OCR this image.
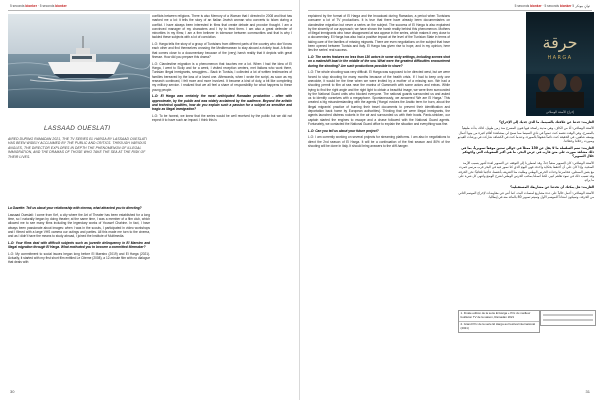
5 seconds bionker · 5 seconds bionker
LASSAAD OUESLATI
AIRED DURING RAMADAN 2021, THE TV SERIES EL HARGA BY LASSAAD OUESLATI HAS BEEN WIDELY ACCLAIMED BY THE PUBLIC AND CRITICS. THROUGH VARIOUS ANGLES, THE DIRECTOR EXPLORES IN DEPTH THE PHENOMENON OF ILLEGAL IMMIGRATION, AND THE DRAMAS OF THOSE WHO TAKE THE SEA AT THE RISK OF THEIR LIVES.

La Gazette: Tell us about your relationship with cinema, what attracted you to directing?

Lassaad Oueslati: I come from Kef, a city where the Art of Theater has been established for a long time, so I naturally began by doing theater; at the same time, I was a member of a film club, which allowed me to see many films including the legendary works of Youssef Chahine. In fact, I have always been passionate about images: when I was in the scouts, I participated in video workshops and I filmed with a large VHS camera our outings and parties. All this made me turn to the cinema, and as I didn't have the means to study abroad, I joined the Institute of Multimedia.

L.O: Your films deal with difficult subjects such as juvenile delinquency in El Maestro and illegal migration through El Harga. What motivated you to become a committed filmmaker?

L.O: My commitment to social issues began long before El Maestro (2019) and El Harga (2021). Actually, it started with my first short film entitled Le Citerne (2008), a 12-minute film with no dialogue that deals with

conflicts between religions. There is also Memory of a Woman that I directed in 2008 and that has marked me a lot: it tells the story of an Italian Jewish woman who converts to Islam during a conflict. I have always been interested in films that create debate and provoke thought. I am a convinced manager of my characters and I try to feed them. I am also a great defender of minorities in my films; I am a firm believer in tolerance between communities and that is why I tackled these subjects with a lot of conviction.

L.O: Harga tells the story of a group of Tunisians from different parts of the country who don't know each other and find themselves crossing the Mediterranean to stay aboard a rickety boat. A fiction that comes close to a documentary because of the (very) harsh reality that it depicts with great finesse. How did you prepare this drama?

L.O: Clandestine migration is a phenomenon that touches me a lot. When I had the idea of El Harga, I went to Sicily and for a week, I visited reception centers, met Italians who work there, Tunisian illegal immigrants, smugglers... Back in Tunisia, I collected a lot of written testimonies of families bereaved by the loss of a loved one. Afterwards, when I wrote the script, as soon as my research continued, I felt more and more involved. It became a kind of duty, a bit like completing my military service. I realized that we all feel a share of responsibility for what happens to these young people.

L.O: El Harga was certainly the most anticipated Ramadan production - often with approximate, by the public and was widely acclaimed by the audience. Beyond the artistic and technical qualities, how do you explain such a passion for a subject as sensitive and tragic as illegal immigration?

L.O: To be honest, we knew that the series would be well received by the public but we did not expect it to have such an impact. I think this is

30
5 seconds bionker · 5 seconds bionker 5 ثوانٍ بيونكر

explained by the format of El Harga and the broadcast during Ramadan, a period when Tunisians consume a lot of TV productions. It is true that there have already been documentaries on clandestine migration but never a series on the subject. The success of El Harga is also explained by the sincerity of our approach; we have shown the harsh reality behind this phenomenon. Mothers of illegal immigrants who have disappeared at sea appear in the series, which makes it very close to a documentary. El Harga has also had a positive impact at the level of the Tunisian State in terms of taking care of the families of missing migrants. There are even negotiations on the subject that have been opened between Tunisia and Italy. El Harga has given rise to hope, and in my opinion, here lies the series' real success.

L.O: The series features no less than 130 actors in some sixty settings, including scenes shot on a makeshift boat in the middle of the sea. What were the greatest difficulties encountered during the shooting? Are such productions possible to share?

L.O: The whole shooting was very difficult. El Harga was supposed to be directed west, but we were forced to stop shooting for many months because of the health crisis. If I had to keep only one anecdote, it would be the time when we were invited by a mother of a missing son. We had a shooting permit to film at sea near the marina of Gammarth with some actors and extras. While trying to find the right angle and the right light to obtain a beautiful image, we were then surrounded by the National Guard units who blocked everyone. The national guards surrounded us and asked us to identify ourselves with a megaphone. Spontaneously, we answered 'We are El Harga.' This created a big misunderstanding with the agents ('Harga' evokes the Arabic term for burn, about the illegal migrants' practice of burning their travel documents to prevent their identification and deportation back home by European authorities). Thinking that we were illegal immigrants, the agents launched distress rockets in the air and surrounded us with their boats. Panic-stricken, our captain started the engines to escape and a chase followed with the National Guard agents. Fortunately, we contacted the National Guard office to explain the situation and everything was fine.

L.O: Can you tell us about your future project?

L.O: I am currently working on several projects for streaming platforms. I am also in negotiations to direct the 2nd season of El Harga. It will be a continuation of the first season and 80% of the shooting will be done in Italy. It should bring answers to the cliff-hanger.

حرقة
HARGA
إخراج الأسعد الوسلاتي

الغازيت: حدثنا عن علاقتك بالسينما، ما الذي جذبك إلى الإخراج؟

الأسعد الوسلاتي: أنا من الكاف، وهي مدينة راسخة فيها فنون المسرح منذ زمن طويل، لذلك بدأت طبيعياً بالمسرح، وفي الوقت نفسه كنت عضواً في نادي السينما مما سمح لي بمشاهدة أفلام كثيرة من بينها أعمال يوسف شاهين. في الحقيقة كنت دائماً شغوفاً بالصورة، وعندما كنت في الكشافة شاركت في ورشات الفيديو وصورت رحلاتنا وحفلاتنا.

الغازيت: تضم السلسلة ما لا يقل عن 130 ممثلاً في حوالي ستين موقعاً تصويرياً، بما في ذلك مشاهد صورت على متن قارب في عرض البحر. ما هي أكبر الصعوبات التي واجهتكم خلال التصوير؟

الأسعد الوسلاتي: كان التصوير صعباً جداً، وقد اضطررنا إلى التوقف عن التصوير لعدة أشهر بسبب الأزمة الصحية. وإذا كان علي أن أحتفظ بحكاية واحدة، فهي اليوم الذي كنا نصور فيه في البحر قرب مرسى قمرت مع بعض الممثلين، فحاصرتنا وحدات الحرس الوطني وطلبت منا التعريف بأنفسنا، فأجبنا تلقائياً: نحن الحرقة. وقد تسبب ذلك في سوء تفاهم كبير، لكننا اتصلنا بمكتب الحرس الوطني لشرح الوضع وانتهى كل شيء على ما يرام.

الغازيت: هل يمكنك أن تحدثنا عن مشاريعك المستقبلية؟

الأسعد الوسلاتي: أعمل حالياً على عدة مشاريع لمنصات البث، كما أنني في مفاوضات لإخراج الموسم الثاني من الحرقة، وسيكون امتداداً للموسم الأول وسيتم تصوير 80 بالمائة منه في إيطاليا.

1. Finale edition de la serie El Harga + Prix du meilleur feuilleton TV de la saison, Ramadan 2021
2. Grand Prix de la serie El Harga au Festival international (2021)
31
